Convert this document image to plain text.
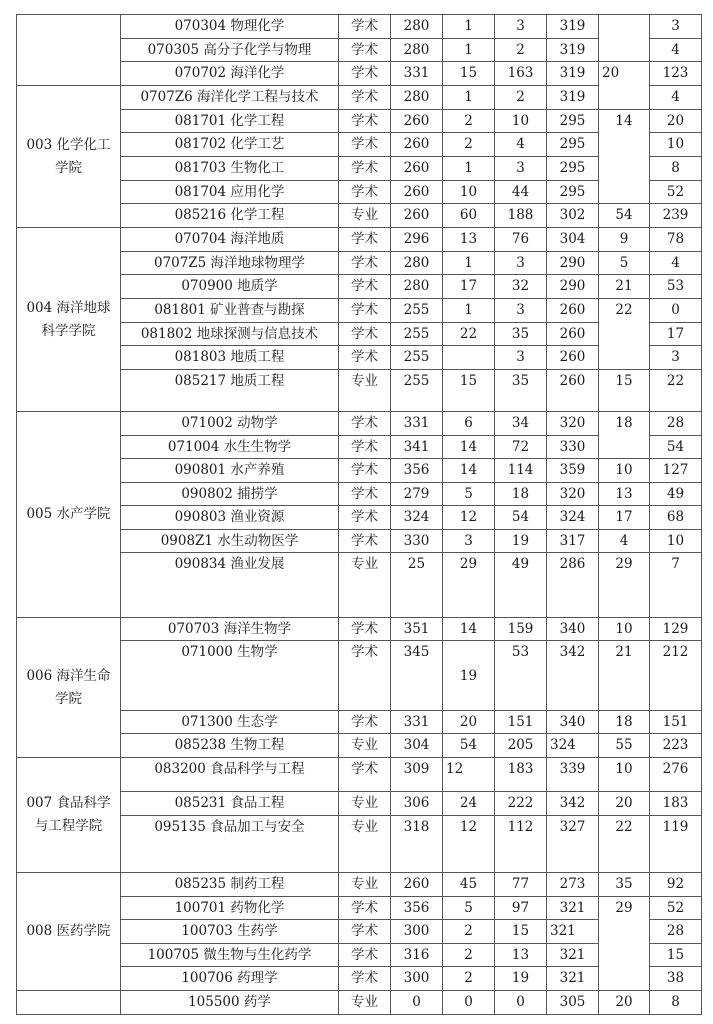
	070304 物理化学	学术	280	1	3	319		3
	070305 高分子化学与物理	学术	280	1	2	319		4
	070702 海洋化学	学术	331	15	163	319	20	123
003 化学化工学院	0707Z6 海洋化学工程与技术	学术	280	1	2	319		4
	081701 化学工程	学术	260	2	10	295	14	20
	081702 化学工艺	学术	260	2	4	295		10
	081703 生物化工	学术	260	1	3	295		8
	081704 应用化学	学术	260	10	44	295		52
	085216 化学工程	专业	260	60	188	302	54	239
004 海洋地球科学学院	070704 海洋地质	学术	296	13	76	304	9	78
	0707Z5 海洋地球物理学	学术	280	1	3	290	5	4
	070900 地质学	学术	280	17	32	290	21	53
	081801 矿业普查与勘探	学术	255	1	3	260	22	0
	081802 地球探测与信息技术	学术	255	22	35	260		17
	081803 地质工程	学术	255		3	260		3
	085217 地质工程	专业	255	15	35	260	15	22
005 水产学院	071002 动物学	学术	331	6	34	320	18	28
	071004 水生生物学	学术	341	14	72	330		54
	090801 水产养殖	学术	356	14	114	359	10	127
	090802 捕捞学	学术	279	5	18	320	13	49
	090803 渔业资源	学术	324	12	54	324	17	68
	0908Z1 水生动物医学	学术	330	3	19	317	4	10
	090834 渔业发展	专业	25	29	49	286	29	7
006 海洋生命学院	070703 海洋生物学	学术	351	14	159	340	10	129
	071000 生物学	学术	345	19	53	342	21	212
	071300 生态学	学术	331	20	151	340	18	151
	085238 生物工程	专业	304	54	205	324	55	223
007 食品科学与工程学院	083200 食品科学与工程	学术	309	12	183	339	10	276
	085231 食品工程	专业	306	24	222	342	20	183
	095135 食品加工与安全	专业	318	12	112	327	22	119
008 医药学院	085235 制药工程	专业	260	45	77	273	35	92
	100701 药物化学	学术	356	5	97	321	29	52
	100703 生药学	学术	300	2	15	321		28
	100705 微生物与生化药学	学术	316	2	13	321		15
	100706 药理学	学术	300	2	19	321		38
	105500 药学	专业	0	0	0	305	20	8
